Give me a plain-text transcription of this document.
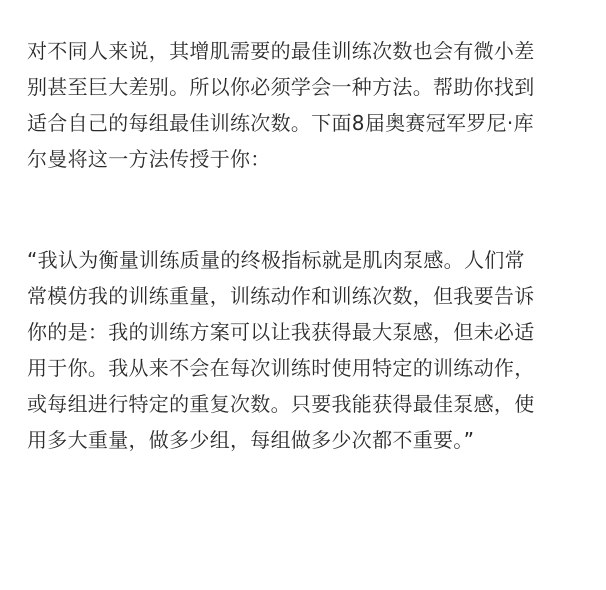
对不同人来说，其增肌需要的最佳训练次数也会有微小差
别甚至巨大差别。所以你必须学会一种方法。帮助你找到
适合自己的每组最佳训练次数。下面8届奥赛冠军罗尼·库
尔曼将这一方法传授于你：
“我认为衡量训练质量的终极指标就是肌肉泵感。人们常
常模仿我的训练重量，训练动作和训练次数，但我要告诉
你的是：我的训练方案可以让我获得最大泵感，但未必适
用于你。我从来不会在每次训练时使用特定的训练动作，
或每组进行特定的重复次数。只要我能获得最佳泵感，使
用多大重量，做多少组，每组做多少次都不重要。”
